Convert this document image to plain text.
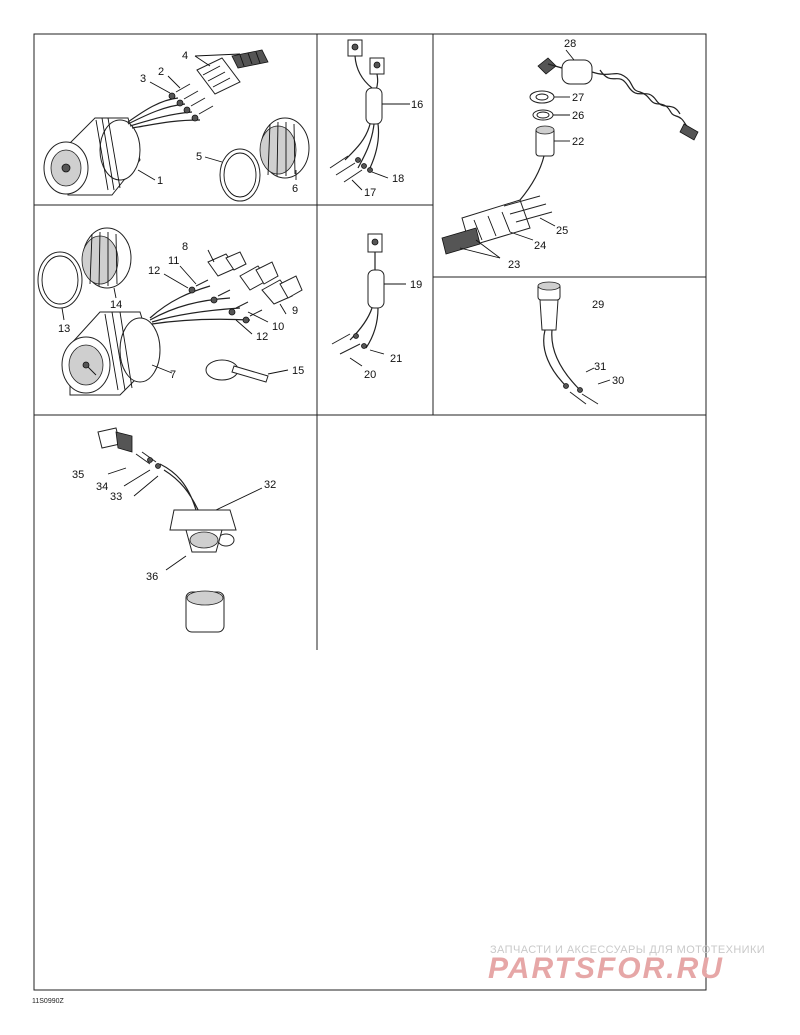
1
2
3
4
5
6
16
17
18
28
27
26
22
25
24
23
7
8
9
10
11
12
12
13
14
15
19
20
21
29
31
30
35
34
33
32
36
ЗАПЧАСТИ И АКСЕССУАРЫ ДЛЯ МОТОТЕХНИКИ
PARTSFOR.RU
11S0990Z
